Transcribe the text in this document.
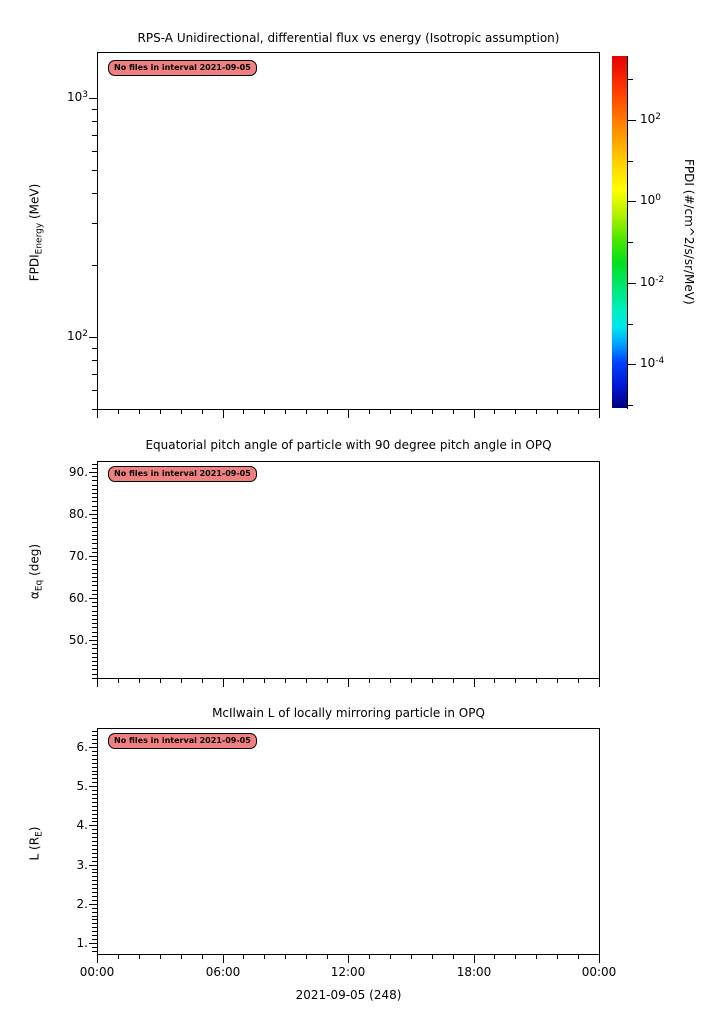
RPS-A Unidirectional, differential flux vs energy (Isotropic assumption)
No files in interval 2021-09-05
$FPDI_{Energy}$ (MeV)
Equatorial pitch angle of particle with 90 degree pitch angle in OPQ
No files in interval 2021-09-05
$\alpha_{Eq}$ (deg)
McIlwain L of locally mirroring particle in OPQ
No files in interval 2021-09-05
L $(R_E)$
2021-09-05 (248)
FPDI (#/cm^2/s/sr/MeV)
$10^3$
$10^2$
90.
80.
70.
60.
50.
6.
5.
4.
3.
2.
1.
00:00	06:00	12:00	18:00	00:00
$10^2$
$10^0$
$10^{-2}$
$10^{-4}$
